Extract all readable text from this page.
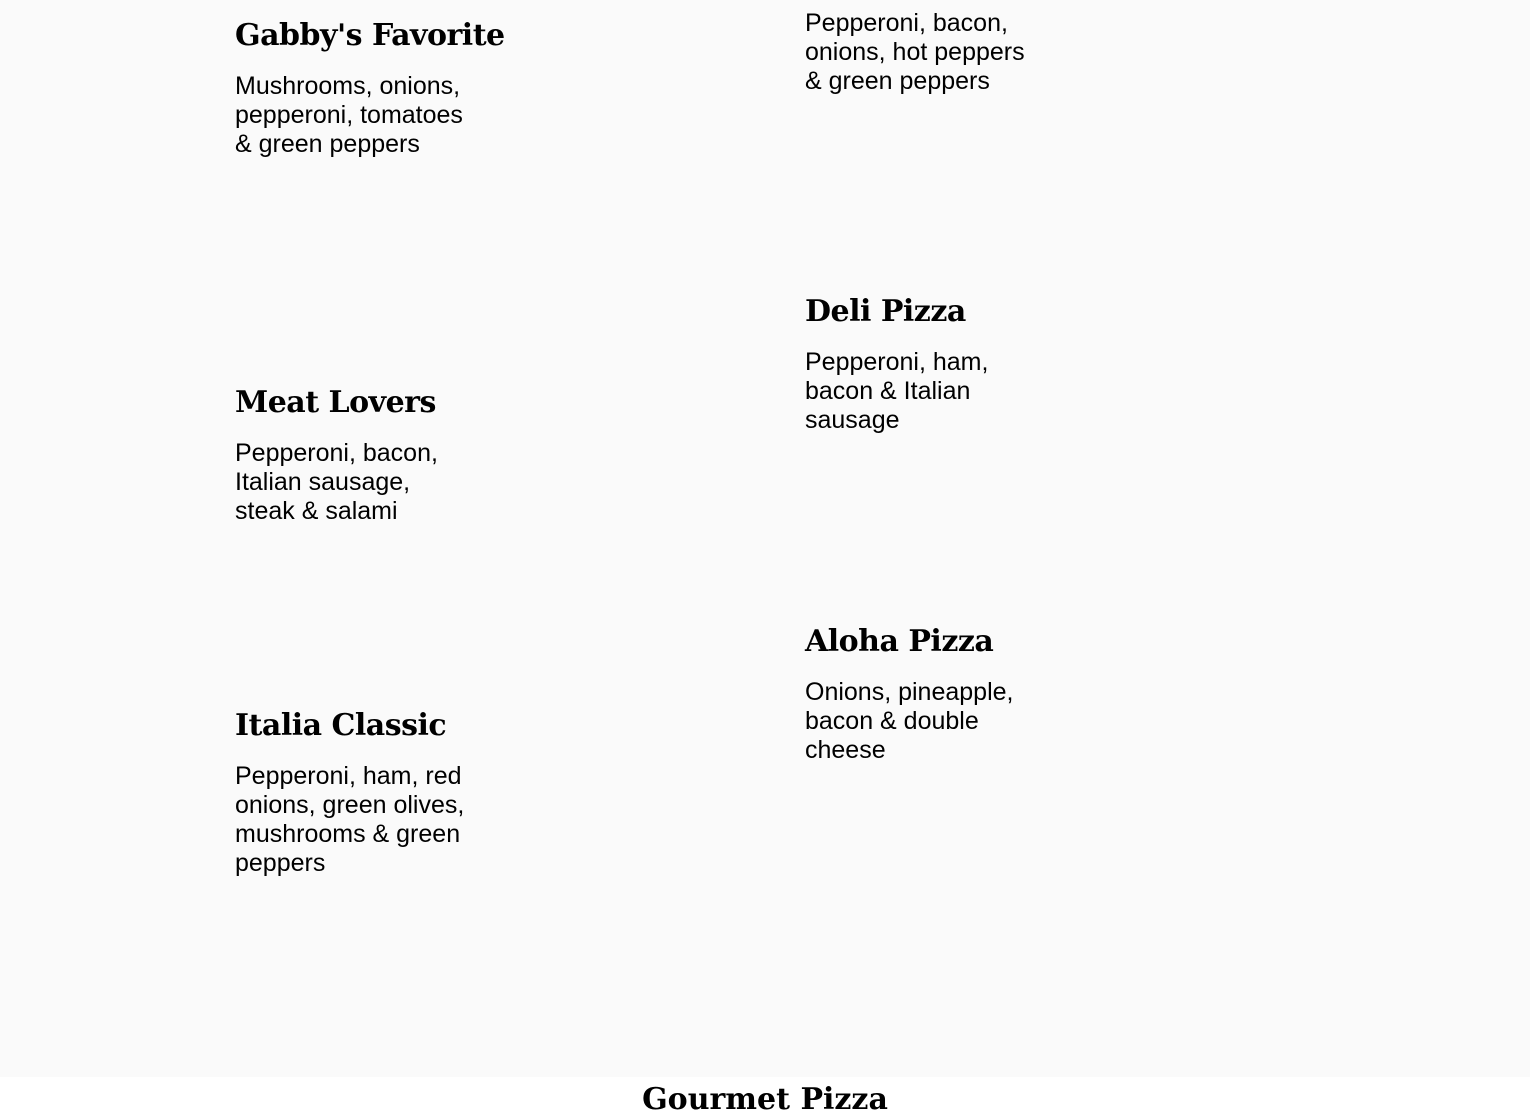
Gabby's Favorite

Mushrooms, onions, pepperoni, tomatoes & green peppers

Pepperoni, bacon, onions, hot peppers & green peppers

Deli Pizza

Pepperoni, ham, bacon & Italian sausage

Meat Lovers

Pepperoni, bacon, Italian sausage, steak & salami

Aloha Pizza

Onions, pineapple, bacon & double cheese

Italia Classic

Pepperoni, ham, red onions, green olives, mushrooms & green peppers

Gourmet Pizza
